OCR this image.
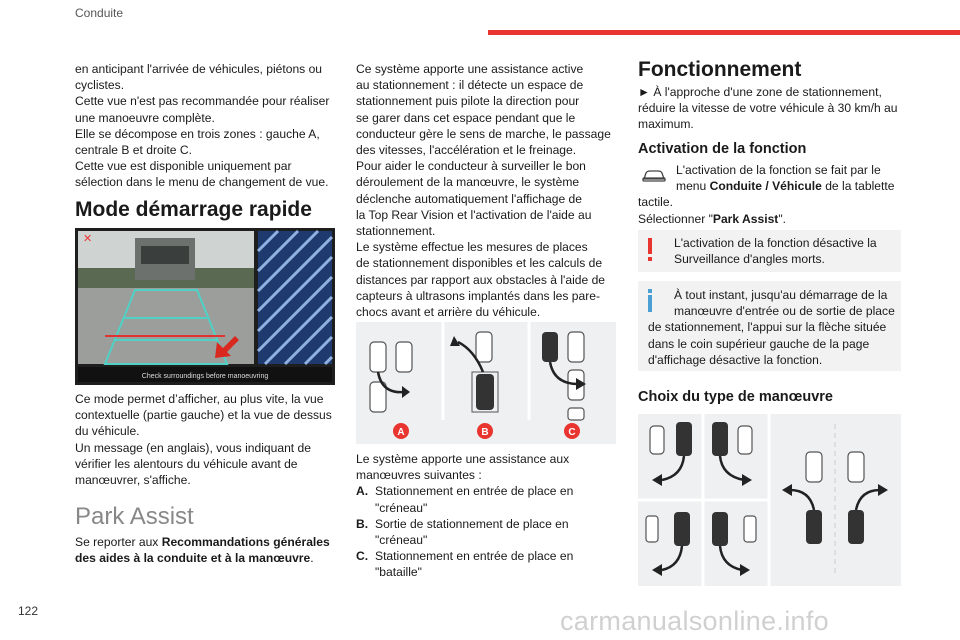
Conduite

en anticipant l'arrivée de véhicules, piétons ou

cyclistes.

Cette vue n'est pas recommandée pour réaliser

une manoeuvre complète.

Elle se décompose en trois zones : gauche A,

centrale B et droite C.

Cette vue est disponible uniquement par

sélection dans le menu de changement de vue.

Mode démarrage rapide
✕
Check surroundings before manoeuvring

Ce mode permet d’afficher, au plus vite, la vue

contextuelle (partie gauche) et la vue de dessus

du véhicule.

Un message (en anglais), vous indiquant de

vérifier les alentours du véhicule avant de

manœuvrer, s'affiche.

Park Assist

Se reporter aux Recommandations générales

des aides à la conduite et à la manœuvre.

Ce système apporte une assistance active

au stationnement : il détecte un espace de

stationnement puis pilote la direction pour

se garer dans cet espace pendant que le

conducteur gère le sens de marche, le passage

des vitesses, l'accélération et le freinage.

Pour aider le conducteur à surveiller le bon

déroulement de la manœuvre, le système

déclenche automatiquement l'affichage de

la Top Rear Vision et l'activation de l'aide au

stationnement.

Le système effectue les mesures de places

de stationnement disponibles et les calculs de

distances par rapport aux obstacles à l'aide de

capteurs à ultrasons implantés dans les pare-

chocs avant et arrière du véhicule.

A	B	C

Le système apporte une assistance aux

manœuvres suivantes :

A. Stationnement en entrée de place en

"créneau"

B. Sortie de stationnement de place en

"créneau"

C. Stationnement en entrée de place en

"bataille"

Fonctionnement

► À l'approche d'une zone de stationnement,

réduire la vitesse de votre véhicule à 30 km/h au

maximum.

Activation de la fonction

L'activation de la fonction se fait par le

menu Conduite / Véhicule de la tablette

tactile.

Sélectionner "Park Assist".

L'activation de la fonction désactive la

Surveillance d'angles morts.

À tout instant, jusqu'au démarrage de la

manœuvre d'entrée ou de sortie de place

de stationnement, l'appui sur la flèche située

dans le coin supérieur gauche de la page

d'affichage désactive la fonction.

Choix du type de manœuvre
122	carmanualsonline.info
